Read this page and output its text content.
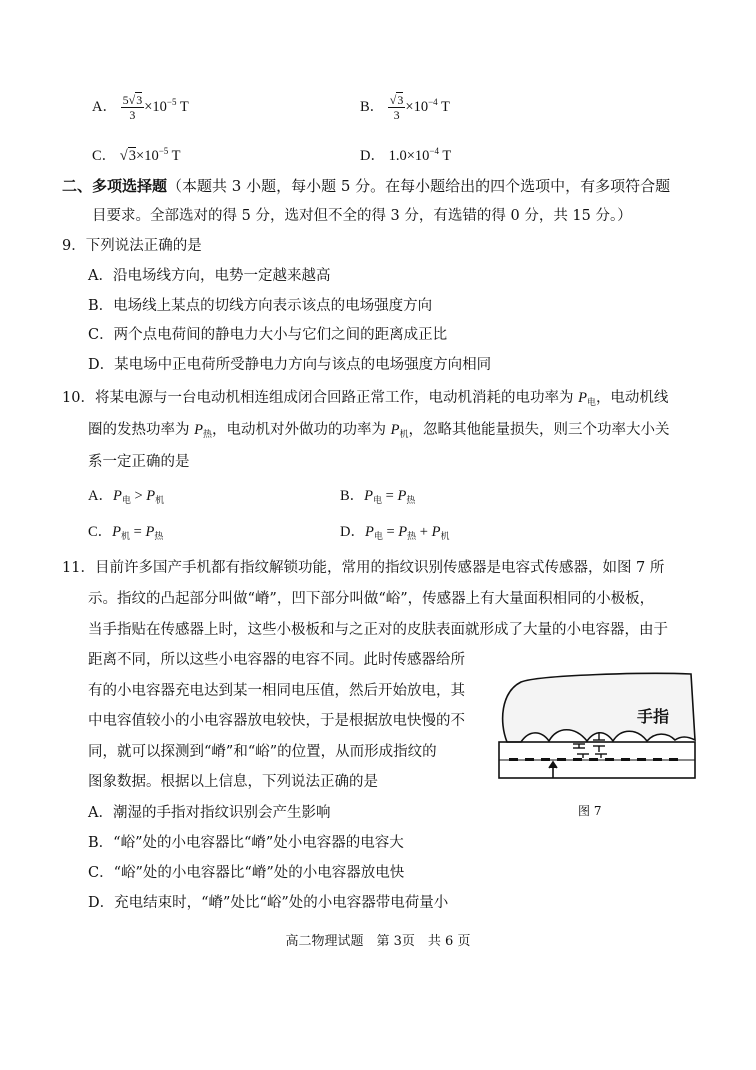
A． $\frac{5√3}{3} \times 10^{-5}$ T	B． $\frac{√3}{3} \times 10^{-4}$ T
C． $√3\times 10^{-5}$ T	D． $1.0\times 10^{-4}$ T
二、多项选择题（本题共 3 小题，每小题 5 分。在每小题给出的四个选项中，有多项符合题
目要求。全部选对的得 5 分，选对但不全的得 3 分，有选错的得 0 分，共 15 分。）
9．下列说法正确的是
A．沿电场线方向，电势一定越来越高
B．电场线上某点的切线方向表示该点的电场强度方向
C．两个点电荷间的静电力大小与它们之间的距离成正比
D．某电场中正电荷所受静电力方向与该点的电场强度方向相同
10．将某电源与一台电动机相连组成闭合回路正常工作，电动机消耗的电功率为 $P_电$，电动机线
圈的发热功率为 $P_热$，电动机对外做功的功率为 $P_机$，忽略其他能量损失，则三个功率大小关
系一定正确的是
A．$P_电 > P_机$	B．$P_电 = P_热$
C．$P_机 = P_热$	D．$P_电 = P_热 + P_机$
11．目前许多国产手机都有指纹解锁功能，常用的指纹识别传感器是电容式传感器，如图 7 所
示。指纹的凸起部分叫做“嵴”，凹下部分叫做“峪”，传感器上有大量面积相同的小极板，
当手指贴在传感器上时，这些小极板和与之正对的皮肤表面就形成了大量的小电容器，由于
距离不同，所以这些小电容器的电容不同。此时传感器给所
有的小电容器充电达到某一相同电压值，然后开始放电，其
中电容值较小的小电容器放电较快，于是根据放电快慢的不
同，就可以探测到“嵴”和“峪”的位置，从而形成指纹的
图象数据。根据以上信息，下列说法正确的是
A．潮湿的手指对指纹识别会产生影响
B．“峪”处的小电容器比“嵴”处小电容器的电容大
C．“峪”处的小电容器比“嵴”处的小电容器放电快
D．充电结束时，“嵴”处比“峪”处的小电容器带电荷量小
手指
图 7
高二物理试题　第 3页　共 6 页
